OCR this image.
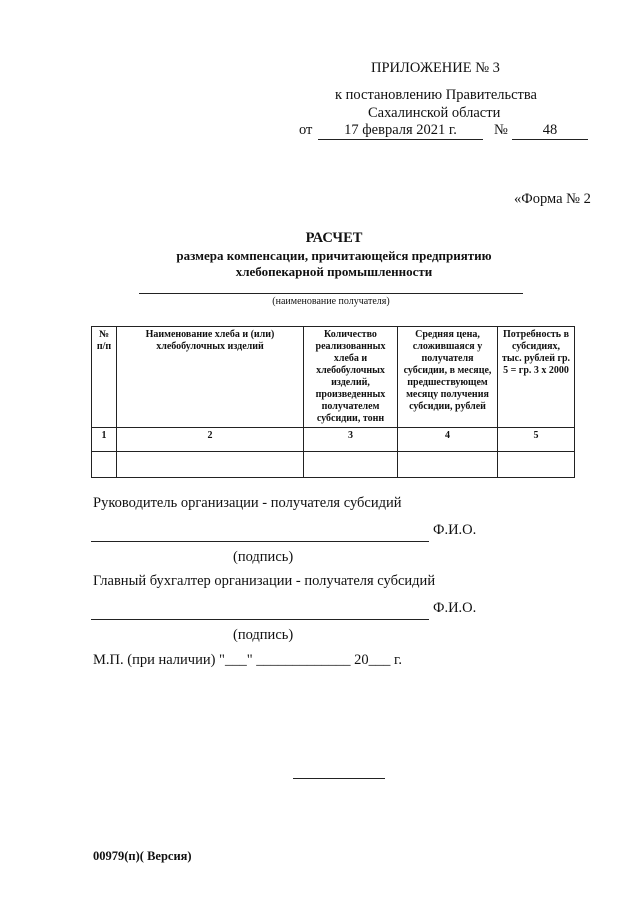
ПРИЛОЖЕНИЕ № 3
к постановлению Правительства
Сахалинской области
от	17 февраля 2021 г.	№	48
«Форма № 2
РАСЧЕТ
размера компенсации, причитающейся предприятию
хлебопекарной промышленности
(наименование получателя)
№ п/п	Наименование хлеба и (или) хлебобулочных изделий	Количество реализованных хлеба и хлебобулочных изделий, произведенных получателем субсидии, тонн	Средняя цена, сложившаяся у получателя субсидии, в месяце, предшествующем месяцу получения субсидии, рублей	Потребность в субсидиях, тыс. рублей гр. 5 = гр. 3 х 2000
1	2	3	4	5

Руководитель организации - получателя субсидий
Ф.И.О.
(подпись)
Главный бухгалтер организации - получателя субсидий
Ф.И.О.
(подпись)
М.П. (при наличии) "___" _____________ 20___ г.
00979(п)( Версия)
